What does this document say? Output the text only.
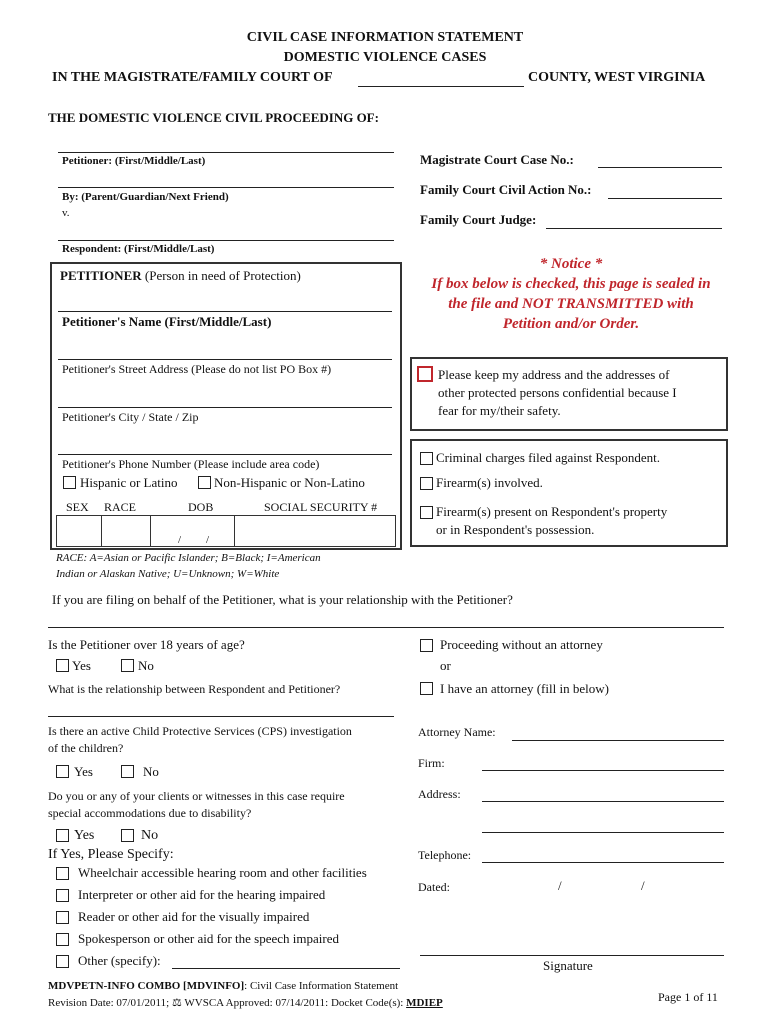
CIVIL CASE INFORMATION STATEMENT
DOMESTIC VIOLENCE CASES
IN THE MAGISTRATE/FAMILY COURT OF	COUNTY, WEST VIRGINIA
THE DOMESTIC VIOLENCE CIVIL PROCEEDING OF:
Petitioner: (First/Middle/Last)
By: (Parent/Guardian/Next Friend)
v.
Respondent: (First/Middle/Last)
Magistrate Court Case No.:
Family Court Civil Action No.:
Family Court Judge:
PETITIONER (Person in need of Protection)
Petitioner's Name (First/Middle/Last)
Petitioner's Street Address (Please do not list PO Box #)
Petitioner's City / State / Zip
Petitioner's Phone Number (Please include area code)
Hispanic or Latino	Non-Hispanic or Non-Latino
SEX RACE	DOB	SOCIAL SECURITY #
/ /
* Notice *
If box below is checked, this page is sealed in
the file and NOT TRANSMITTED with
Petition and/or Order.
Please keep my address and the addresses of
other protected persons confidential because I
fear for my/their safety.
Criminal charges filed against Respondent.
Firearm(s) involved.
Firearm(s) present on Respondent's property
or in Respondent's possession.
RACE: A=Asian or Pacific Islander; B=Black; I=American
Indian or Alaskan Native; U=Unknown; W=White
If you are filing on behalf of the Petitioner, what is your relationship with the Petitioner?
Is the Petitioner over 18 years of age?
Yes	No
What is the relationship between Respondent and Petitioner?
Is there an active Child Protective Services (CPS) investigation
of the children?
Yes	No
Do you or any of your clients or witnesses in this case require
special accommodations due to disability?
Yes	No
If Yes, Please Specify:
Wheelchair accessible hearing room and other facilities
Interpreter or other aid for the hearing impaired
Reader or other aid for the visually impaired
Spokesperson or other aid for the speech impaired
Other (specify):
Proceeding without an attorney
or
I have an attorney (fill in below)
Attorney Name:
Firm:
Address:
Telephone:
Dated:	/	/
Signature
MDVPETN-INFO COMBO [MDVINFO]: Civil Case Information Statement
Revision Date: 07/01/2011; ⚖ WVSCA Approved: 07/14/2011: Docket Code(s): MDIEP	Page 1 of 11
